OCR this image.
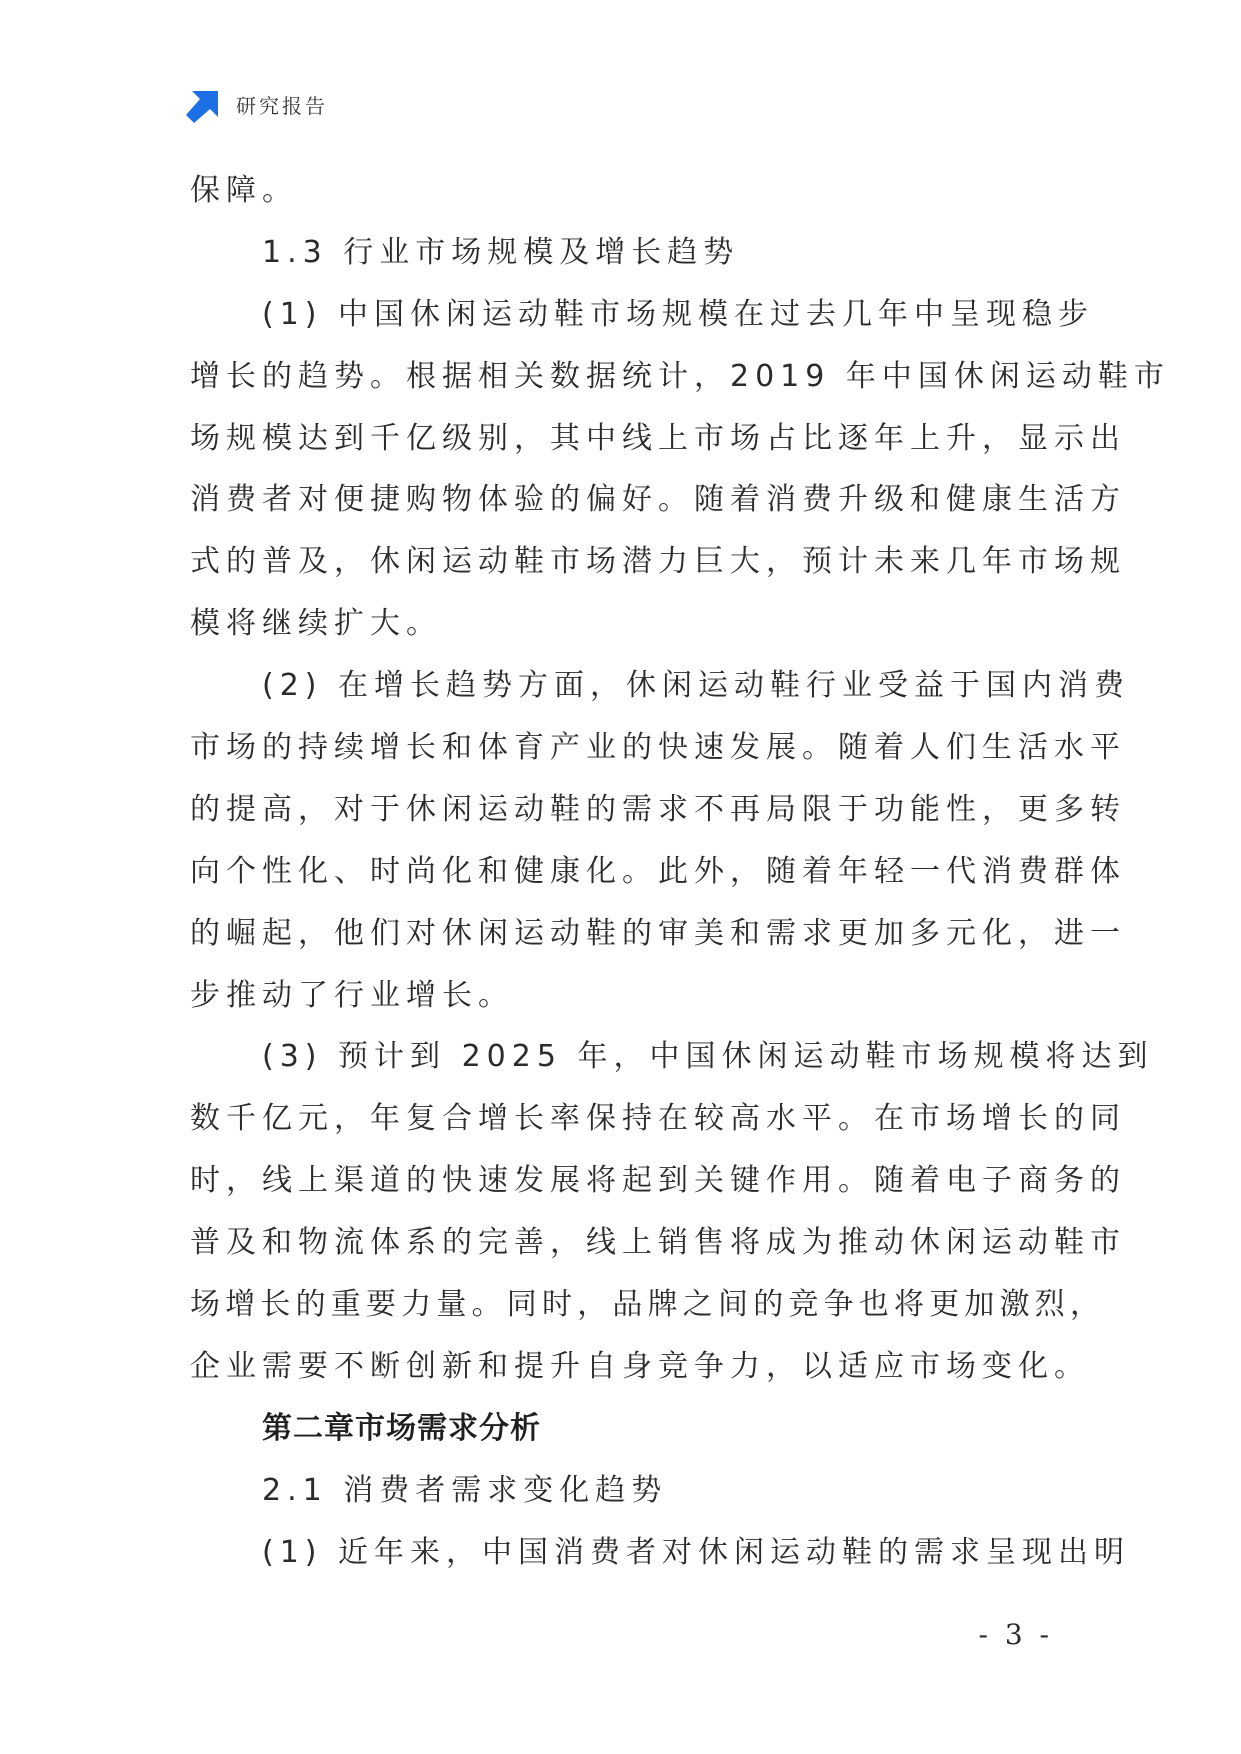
研究报告
保障。
1.3 行业市场规模及增长趋势
(1) 中国休闲运动鞋市场规模在过去几年中呈现稳步
增长的趋势。根据相关数据统计，2019 年中国休闲运动鞋市
场规模达到千亿级别，其中线上市场占比逐年上升，显示出
消费者对便捷购物体验的偏好。随着消费升级和健康生活方
式的普及，休闲运动鞋市场潜力巨大，预计未来几年市场规
模将继续扩大。
(2) 在增长趋势方面，休闲运动鞋行业受益于国内消费
市场的持续增长和体育产业的快速发展。随着人们生活水平
的提高，对于休闲运动鞋的需求不再局限于功能性，更多转
向个性化、时尚化和健康化。此外，随着年轻一代消费群体
的崛起，他们对休闲运动鞋的审美和需求更加多元化，进一
步推动了行业增长。
(3) 预计到 2025 年，中国休闲运动鞋市场规模将达到
数千亿元，年复合增长率保持在较高水平。在市场增长的同
时，线上渠道的快速发展将起到关键作用。随着电子商务的
普及和物流体系的完善，线上销售将成为推动休闲运动鞋市
场增长的重要力量。同时，品牌之间的竞争也将更加激烈，
企业需要不断创新和提升自身竞争力，以适应市场变化。
第二章市场需求分析
2.1 消费者需求变化趋势
(1) 近年来，中国消费者对休闲运动鞋的需求呈现出明
- 3 -
